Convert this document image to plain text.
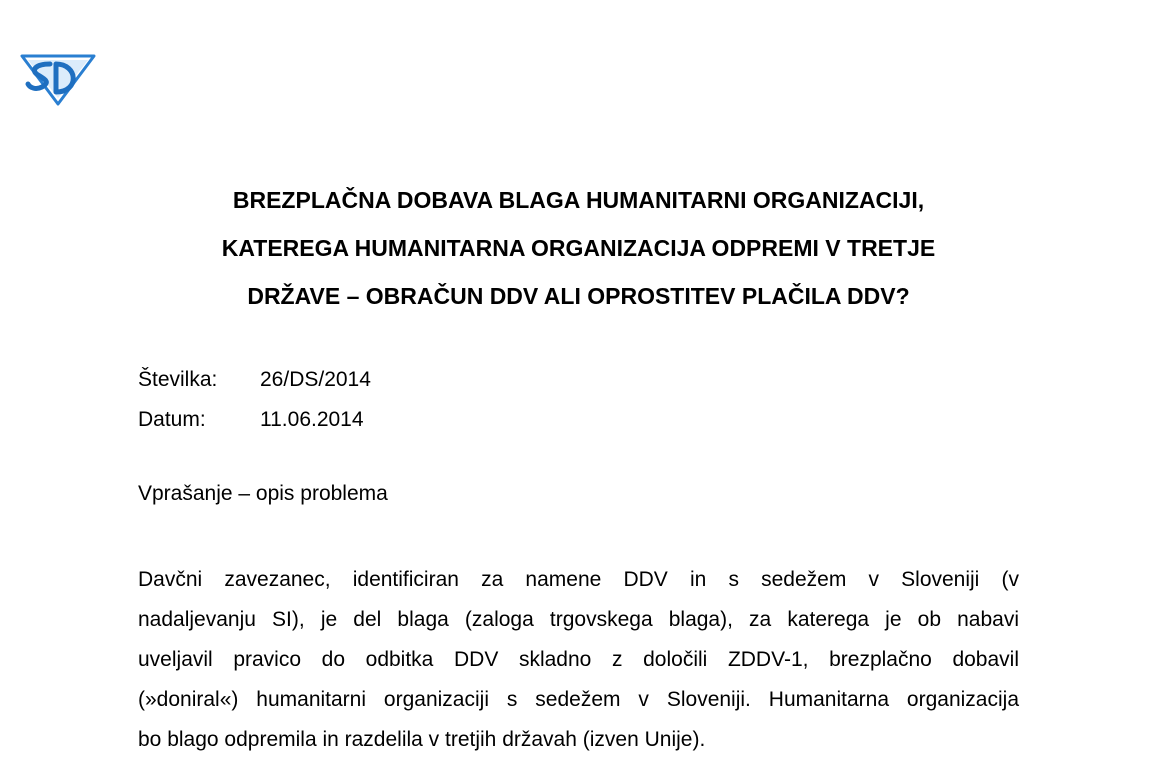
BREZPLAČNA DOBAVA BLAGA HUMANITARNI ORGANIZACIJI,
KATEREGA HUMANITARNA ORGANIZACIJA ODPREMI V TRETJE
DRŽAVE – OBRAČUN DDV ALI OPROSTITEV PLAČILA DDV?
Številka:	26/DS/2014
Datum:	11.06.2014
Vprašanje – opis problema
Davčni zavezanec, identificiran za namene DDV in s sedežem v Sloveniji (v
nadaljevanju SI), je del blaga (zaloga trgovskega blaga), za katerega je ob nabavi
uveljavil pravico do odbitka DDV skladno z določili ZDDV-1, brezplačno dobavil
(»doniral«) humanitarni organizaciji s sedežem v Sloveniji. Humanitarna organizacija
bo blago odpremila in razdelila v tretjih državah (izven Unije).
